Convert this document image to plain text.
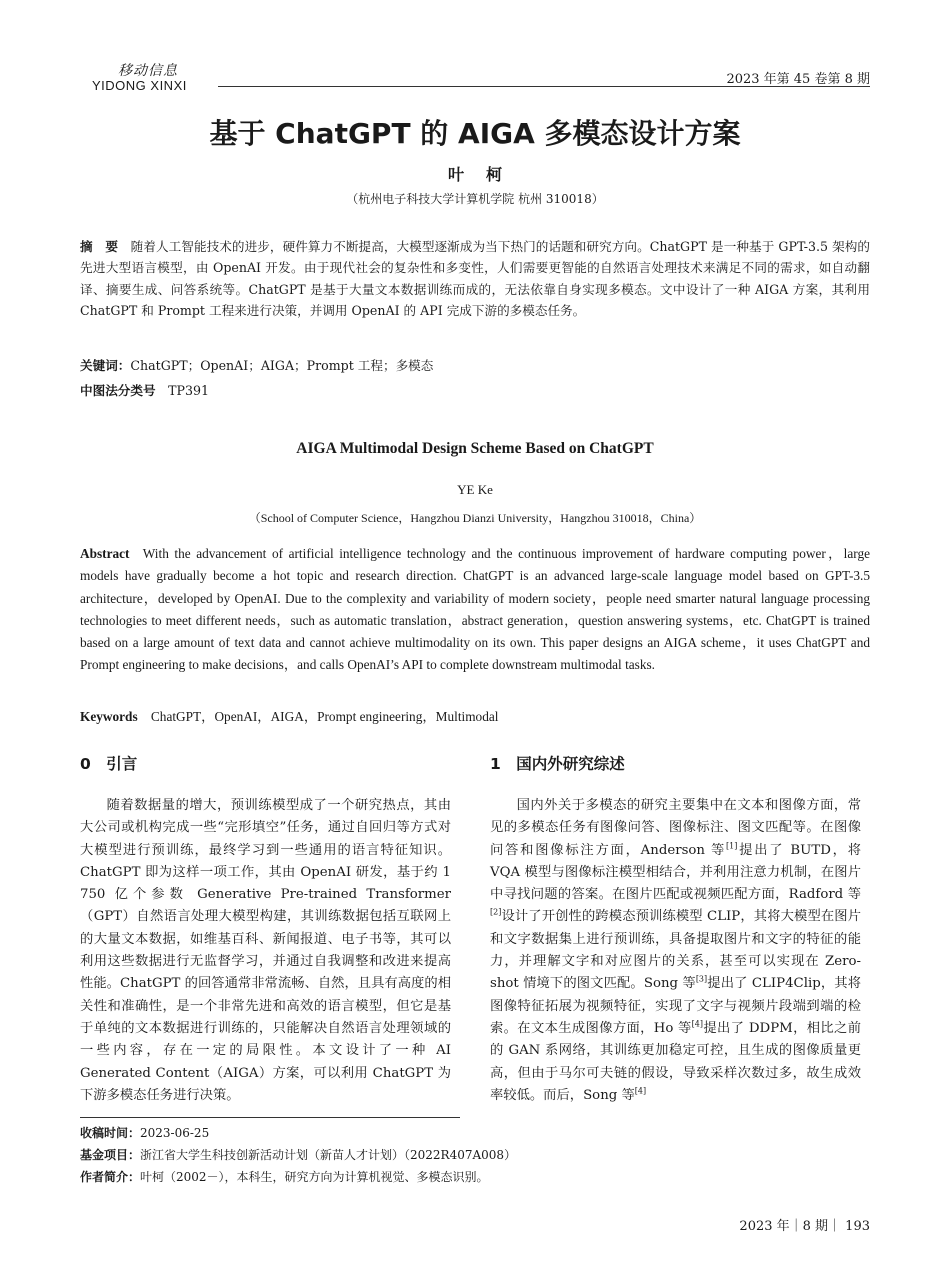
移动信息
YIDONG XINXI	2023 年第 45 卷第 8 期
基于 ChatGPT 的 AIGA 多模态设计方案
叶柯
（杭州电子科技大学计算机学院 杭州 310018）
摘　要  随着人工智能技术的进步，硬件算力不断提高，大模型逐渐成为当下热门的话题和研究方向。ChatGPT 是一种基于 GPT-3.5 架构的先进大型语言模型，由 OpenAI 开发。由于现代社会的复杂性和多变性，人们需要更智能的自然语言处理技术来满足不同的需求，如自动翻译、摘要生成、问答系统等。ChatGPT 是基于大量文本数据训练而成的，无法依靠自身实现多模态。文中设计了一种 AIGA 方案，其利用 ChatGPT 和 Prompt 工程来进行决策，并调用 OpenAI 的 API 完成下游的多模态任务。
关键词：ChatGPT；OpenAI；AIGA；Prompt 工程；多模态
中图法分类号  TP391
AIGA Multimodal Design Scheme Based on ChatGPT
YE Ke
（School of Computer Science，Hangzhou Dianzi University，Hangzhou 310018，China）
Abstract  With the advancement of artificial intelligence technology and the continuous improvement of hardware computing power，large models have gradually become a hot topic and research direction. ChatGPT is an advanced large-scale language model based on GPT-3.5 architecture，developed by OpenAI. Due to the complexity and variability of modern society，people need smarter natural language processing technologies to meet different needs，such as automatic translation，abstract generation，question answering systems，etc. ChatGPT is trained based on a large amount of text data and cannot achieve multimodality on its own. This paper designs an AIGA scheme，it uses ChatGPT and Prompt engineering to make decisions，and calls OpenAI’s API to complete downstream multimodal tasks.
Keywords  ChatGPT，OpenAI，AIGA，Prompt engineering，Multimodal
0　引言	1　国内外研究综述

随着数据量的增大，预训练模型成了一个研究热点，其由大公司或机构完成一些“完形填空”任务，通过自回归等方式对大模型进行预训练，最终学习到一些通用的语言特征知识。ChatGPT 即为这样一项工作，其由 OpenAI 研发，基于约 1 750 亿个参数 Generative Pre-trained Transformer（GPT）自然语言处理大模型构建，其训练数据包括互联网上的大量文本数据，如维基百科、新闻报道、电子书等，其可以利用这些数据进行无监督学习，并通过自我调整和改进来提高性能。ChatGPT 的回答通常非常流畅、自然，且具有高度的相关性和准确性，是一个非常先进和高效的语言模型，但它是基于单纯的文本数据进行训练的，只能解决自然语言处理领域的一些内容，存在一定的局限性。本文设计了一种 AI Generated Content（AIGA）方案，可以利用 ChatGPT 为下游多模态任务进行决策。

国内外关于多模态的研究主要集中在文本和图像方面，常见的多模态任务有图像问答、图像标注、图文匹配等。在图像问答和图像标注方面，Anderson 等[1]提出了 BUTD，将 VQA 模型与图像标注模型相结合，并利用注意力机制，在图片中寻找问题的答案。在图片匹配或视频匹配方面，Radford 等[2]设计了开创性的跨模态预训练模型 CLIP，其将大模型在图片和文字数据集上进行预训练，具备提取图片和文字的特征的能力，并理解文字和对应图片的关系，甚至可以实现在 Zero-shot 情境下的图文匹配。Song 等[3]提出了 CLIP4Clip，其将图像特征拓展为视频特征，实现了文字与视频片段端到端的检索。在文本生成图像方面，Ho 等[4]提出了 DDPM，相比之前的 GAN 系网络，其训练更加稳定可控，且生成的图像质量更高，但由于马尔可夫链的假设，导致采样次数过多，故生成效率较低。而后，Song 等[4]

收稿时间：2023-06-25
基金项目：浙江省大学生科技创新活动计划（新苗人才计划）（2022R407A008）
作者简介：叶柯（2002－），本科生，研究方向为计算机视觉、多模态识别。
2023 年｜8 期｜ 193
